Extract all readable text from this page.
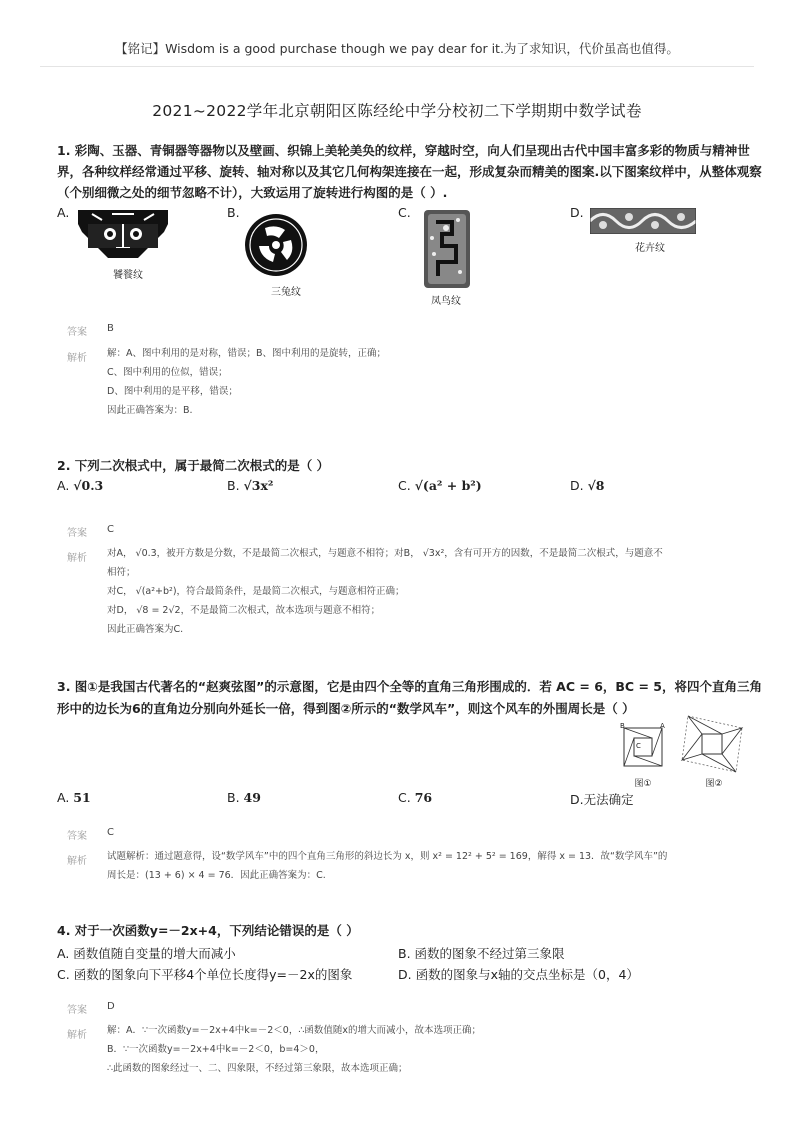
【铭记】Wisdom is a good purchase though we pay dear for it.为了求知识，代价虽高也值得。
2021~2022学年北京朝阳区陈经纶中学分校初二下学期期中数学试卷
1. 彩陶、玉器、青铜器等器物以及壁画、织锦上美轮美奂的纹样，穿越时空，向人们呈现出古代中国丰富多彩的物质与精神世
界，各种纹样经常通过平移、旋转、轴对称以及其它几何构架连接在一起，形成复杂而精美的图案.以下图案纹样中，从整体观察
（个别细微之处的细节忽略不计），大致运用了旋转进行构图的是（ ）.
A.
饕餮纹
B.
三兔纹
C.
凤鸟纹
D.
花卉纹
答案 B
解析 解：A、图中利用的是对称，错误；B、图中利用的是旋转，正确；
C、图中利用的位似，错误；
D、图中利用的是平移，错误；
因此正确答案为：B.
2. 下列二次根式中，属于最简二次根式的是（ ）
A. √0.3	B. √3x²	C. √(a² + b²)	D. √8
答案 C
解析 对A， √0.3，被开方数是分数，不是最简二次根式，与题意不相符；对B， √3x²，含有可开方的因数，不是最简二次根式，与题意不
相符；
对C， √(a²+b²)，符合最简条件，是最简二次根式，与题意相符正确；
对D， √8 = 2√2，不是最简二次根式，故本选项与题意不相符；
因此正确答案为C.
3. 图①是我国古代著名的“赵爽弦图”的示意图，它是由四个全等的直角三角形围成的．若 AC = 6，BC = 5，将四个直角三角
形中的边长为6的直角边分别向外延长一倍，得到图②所示的“数学风车”，则这个风车的外围周长是（ ）
B	A
C
图①	图②
A. 51	B. 49	C. 76	D.无法确定
答案 C
解析 试题解析：通过题意得，设“数学风车”中的四个直角三角形的斜边长为 x，则 x² = 12² + 5² = 169，解得 x = 13．故“数学风车”的
周长是：(13 + 6) × 4 = 76．因此正确答案为：C.
4. 对于一次函数y=－2x+4，下列结论错误的是（ ）
A. 函数值随自变量的增大而减小	B. 函数的图象不经过第三象限
C. 函数的图象向下平移4个单位长度得y=－2x的图象	D. 函数的图象与x轴的交点坐标是（0，4）
答案 D
解析 解：A．∵一次函数y=－2x+4中k=－2＜0，∴函数值随x的增大而减小，故本选项正确；
B．∵一次函数y=－2x+4中k=－2＜0，b=4＞0，
∴此函数的图象经过一、二、四象限，不经过第三象限，故本选项正确；
